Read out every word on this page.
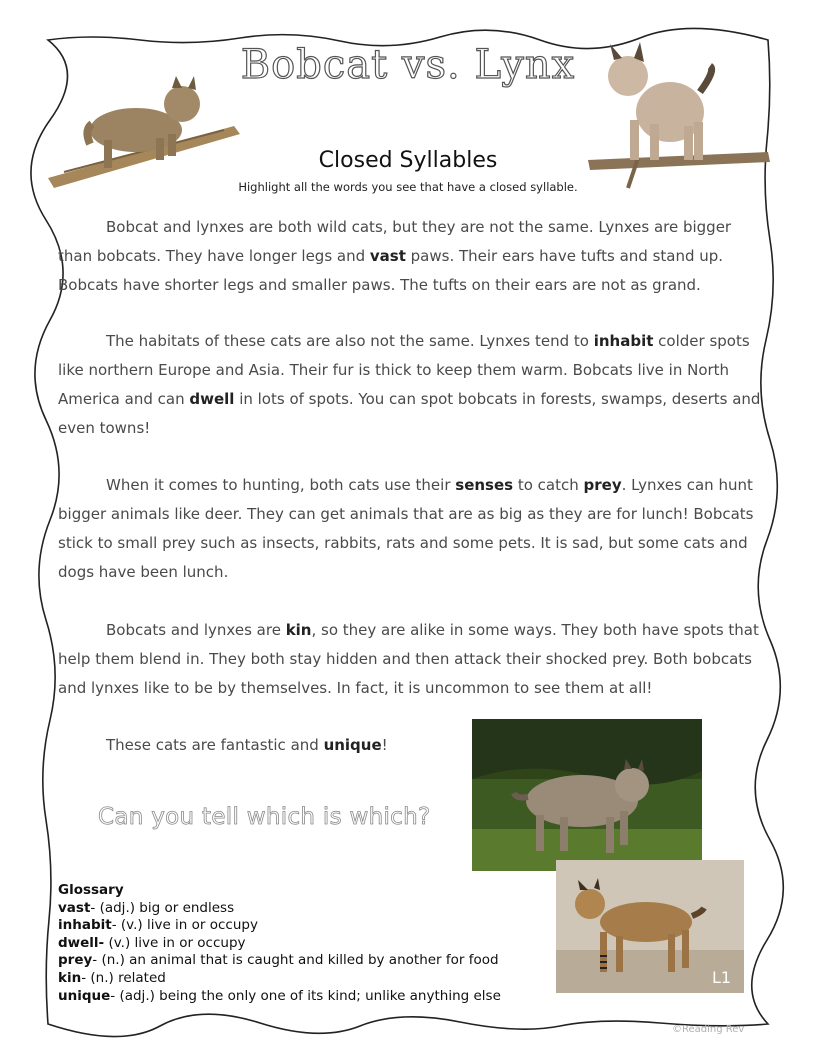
Bobcat vs. Lynx
Closed Syllables
Highlight all the words you see that have a closed syllable.

Bobcat and lynxes are both wild cats, but they are not the same. Lynxes are bigger than bobcats. They have longer legs and vast paws. Their ears have tufts and stand up. Bobcats have shorter legs and smaller paws. The tufts on their ears are not as grand.

The habitats of these cats are also not the same. Lynxes tend to inhabit colder spots like northern Europe and Asia. Their fur is thick to keep them warm. Bobcats live in North America and can dwell in lots of spots. You can spot bobcats in forests, swamps, deserts and even towns!

When it comes to hunting, both cats use their senses to catch prey. Lynxes can hunt bigger animals like deer. They can get animals that are as big as they are for lunch! Bobcats stick to small prey such as insects, rabbits, rats and some pets. It is sad, but some cats and dogs have been lunch.

Bobcats and lynxes are kin, so they are alike in some ways. They both have spots that help them blend in. They both stay hidden and then attack their shocked prey. Both bobcats and lynxes like to be by themselves. In fact, it is uncommon to see them at all!

These cats are fantastic and unique!

L1
Can you tell which is which?
Glossary
vast- (adj.) big or endless
inhabit- (v.) live in or occupy
dwell- (v.) live in or occupy
prey- (n.) an animal that is caught and killed by another for food
kin- (n.) related
unique- (adj.) being the only one of its kind; unlike anything else
©Reading Rev
